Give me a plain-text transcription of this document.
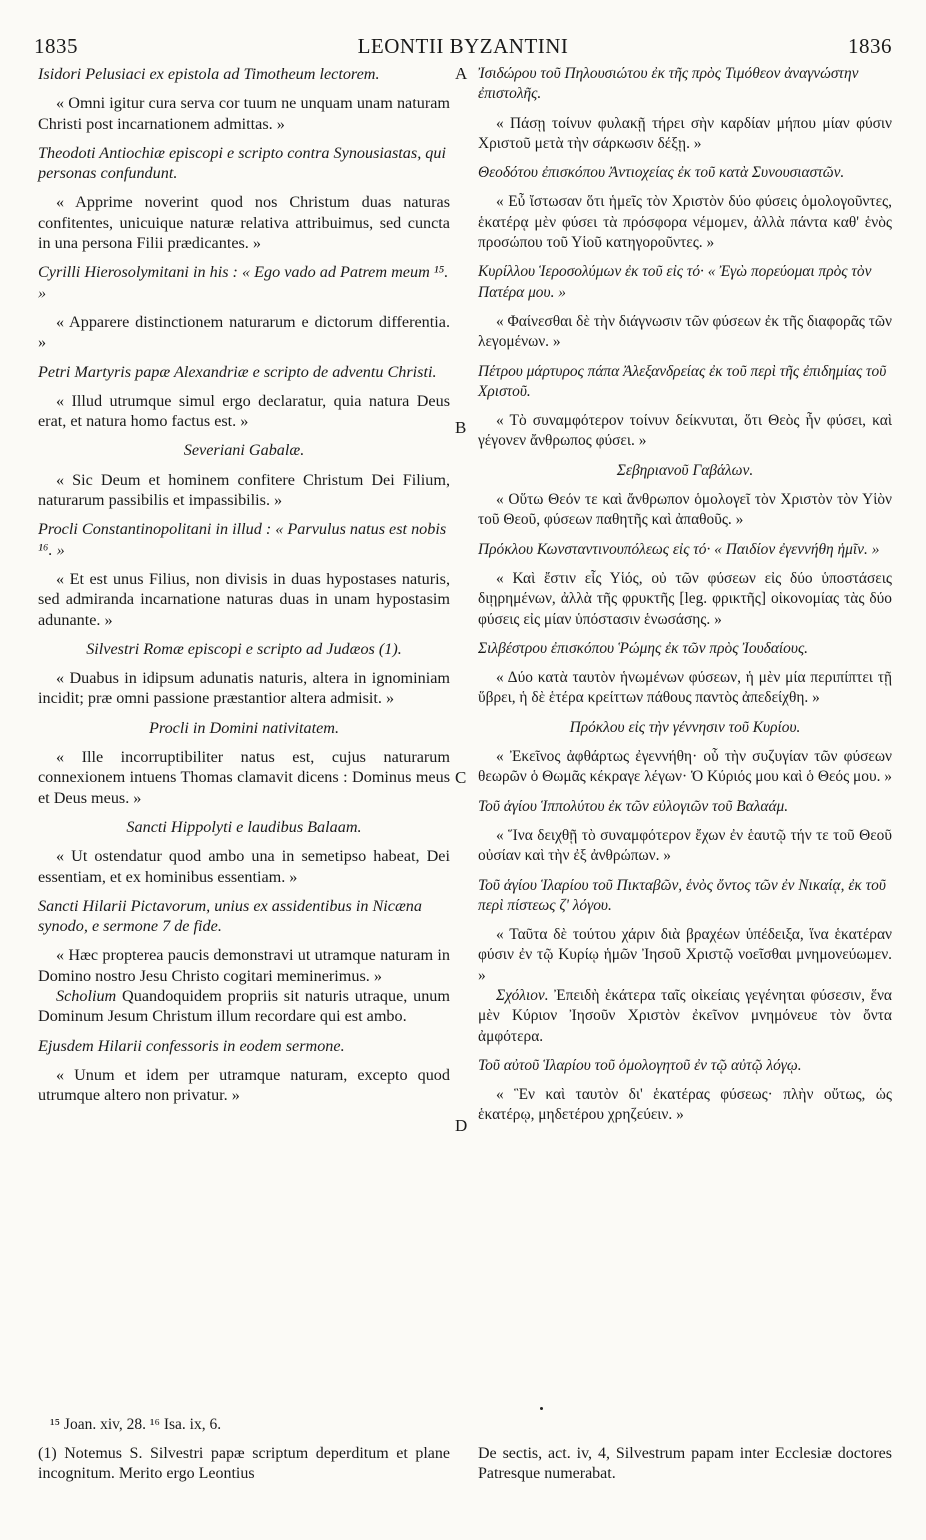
1835	LEONTII BYZANTINI	1836
A
B
C
D

Isidori Pelusiaci ex epistola ad Timotheum lectorem.

« Omni igitur cura serva cor tuum ne unquam unam naturam Christi post incarnationem admittas. »

Theodoti Antiochiæ episcopi e scripto contra Synousiastas, qui personas confundunt.

« Apprime noverint quod nos Christum duas naturas confitentes, unicuique naturæ relativa attribuimus, sed cuncta in una persona Filii prædicantes. »

Cyrilli Hierosolymitani in his : « Ego vado ad Patrem meum ¹⁵. »

« Apparere distinctionem naturarum e dictorum differentia. »

Petri Martyris papæ Alexandriæ e scripto de adventu Christi.

« Illud utrumque simul ergo declaratur, quia natura Deus erat, et natura homo factus est. »

Severiani Gabalæ.

« Sic Deum et hominem confitere Christum Dei Filium, naturarum passibilis et impassibilis. »

Procli Constantinopolitani in illud : « Parvulus natus est nobis ¹⁶. »

« Et est unus Filius, non divisis in duas hypostases naturis, sed admiranda incarnatione naturas duas in unam hypostasim adunante. »

Silvestri Romæ episcopi e scripto ad Judæos (1).

« Duabus in idipsum adunatis naturis, altera in ignominiam incidit; præ omni passione præstantior altera admisit. »

Procli in Domini nativitatem.

« Ille incorruptibiliter natus est, cujus naturarum connexionem intuens Thomas clamavit dicens : Dominus meus et Deus meus. »

Sancti Hippolyti e laudibus Balaam.

« Ut ostendatur quod ambo una in semetipso habeat, Dei essentiam, et ex hominibus essentiam. »

Sancti Hilarii Pictavorum, unius ex assidentibus in Nicæna synodo, e sermone 7 de fide.

« Hæc propterea paucis demonstravi ut utramque naturam in Domino nostro Jesu Christo cogitari meminerimus. »

Scholium Quandoquidem propriis sit naturis utraque, unum Dominum Jesum Christum illum recordare qui est ambo.

Ejusdem Hilarii confessoris in eodem sermone.

« Unum et idem per utramque naturam, excepto quod utrumque altero non privatur. »

Ἰσιδώρου τοῦ Πηλουσιώτου ἐκ τῆς πρὸς Τιμόθεον ἀναγνώστην ἐπιστολῆς.

« Πάσῃ τοίνυν φυλακῇ τήρει σὴν καρδίαν μήπου μίαν φύσιν Χριστοῦ μετὰ τὴν σάρκωσιν δέξῃ. »

Θεοδότου ἐπισκόπου Ἀντιοχείας ἐκ τοῦ κατὰ Συνουσιαστῶν.

« Εὖ ἴστωσαν ὅτι ἡμεῖς τὸν Χριστὸν δύο φύσεις ὁμολογοῦντες, ἑκατέρᾳ μὲν φύσει τὰ πρόσφορα νέμομεν, ἀλλὰ πάντα καθ' ἑνὸς προσώπου τοῦ Υἱοῦ κατηγοροῦντες. »

Κυρίλλου Ἱεροσολύμων ἐκ τοῦ εἰς τό· « Ἐγὼ πορεύομαι πρὸς τὸν Πατέρα μου. »

« Φαίνεσθαι δὲ τὴν διάγνωσιν τῶν φύσεων ἐκ τῆς διαφορᾶς τῶν λεγομένων. »

Πέτρου μάρτυρος πάπα Ἀλεξανδρείας ἐκ τοῦ περὶ τῆς ἐπιδημίας τοῦ Χριστοῦ.

« Τὸ συναμφότερον τοίνυν δείκνυται, ὅτι Θεὸς ἦν φύσει, καὶ γέγονεν ἄνθρωπος φύσει. »

Σεβηριανοῦ Γαβάλων.

« Οὕτω Θεόν τε καὶ ἄνθρωπον ὁμολογεῖ τὸν Χριστὸν τὸν Υἱὸν τοῦ Θεοῦ, φύσεων παθητῆς καὶ ἀπαθοῦς. »

Πρόκλου Κωνσταντινουπόλεως εἰς τό· « Παιδίον ἐγεννήθη ἡμῖν. »

« Καὶ ἔστιν εἷς Υἱός, οὐ τῶν φύσεων εἰς δύο ὑποστάσεις διῃρημένων, ἀλλὰ τῆς φρυκτῆς [leg. φρικτῆς] οἰκονομίας τὰς δύο φύσεις εἰς μίαν ὑπόστασιν ἑνωσάσης. »

Σιλβέστρου ἐπισκόπου Ῥώμης ἐκ τῶν πρὸς Ἰουδαίους.

« Δύο κατὰ ταυτὸν ἡνωμένων φύσεων, ἡ μὲν μία περιπίπτει τῇ ὕβρει, ἡ δὲ ἑτέρα κρείττων πάθους παντὸς ἀπεδείχθη. »

Πρόκλου εἰς τὴν γέννησιν τοῦ Κυρίου.

« Ἐκεῖνος ἀφθάρτως ἐγεννήθη· οὗ τὴν συζυγίαν τῶν φύσεων θεωρῶν ὁ Θωμᾶς κέκραγε λέγων· Ὁ Κύριός μου καὶ ὁ Θεός μου. »

Τοῦ ἁγίου Ἱππολύτου ἐκ τῶν εὐλογιῶν τοῦ Βαλαάμ.

« Ἵνα δειχθῇ τὸ συναμφότερον ἔχων ἐν ἑαυτῷ τήν τε τοῦ Θεοῦ οὐσίαν καὶ τὴν ἐξ ἀνθρώπων. »

Τοῦ ἁγίου Ἱλαρίου τοῦ Πικταβῶν, ἑνὸς ὄντος τῶν ἐν Νικαίᾳ, ἐκ τοῦ περὶ πίστεως ζ' λόγου.

« Ταῦτα δὲ τούτου χάριν διὰ βραχέων ὑπέδειξα, ἵνα ἑκατέραν φύσιν ἐν τῷ Κυρίῳ ἡμῶν Ἰησοῦ Χριστῷ νοεῖσθαι μνημονεύωμεν. »

Σχόλιον. Ἐπειδὴ ἑκάτερα ταῖς οἰκείαις γεγένηται φύσεσιν, ἕνα μὲν Κύριον Ἰησοῦν Χριστὸν ἐκεῖνον μνημόνευε τὸν ὄντα ἀμφότερα.

Τοῦ αὐτοῦ Ἱλαρίου τοῦ ὁμολογητοῦ ἐν τῷ αὐτῷ λόγῳ.

« Ἓν καὶ ταυτὸν δι' ἑκατέρας φύσεως· πλὴν οὔτως, ὡς ἑκατέρῳ, μηδετέρου χρηζεύειν. »

¹⁵ Joan. xiv, 28. ¹⁶ Isa. ix, 6.
(1) Notemus S. Silvestri papæ scriptum deperditum et plane incognitum. Merito ergo Leontius
De sectis, act. iv, 4, Silvestrum papam inter Ecclesiæ doctores Patresque numerabat.
